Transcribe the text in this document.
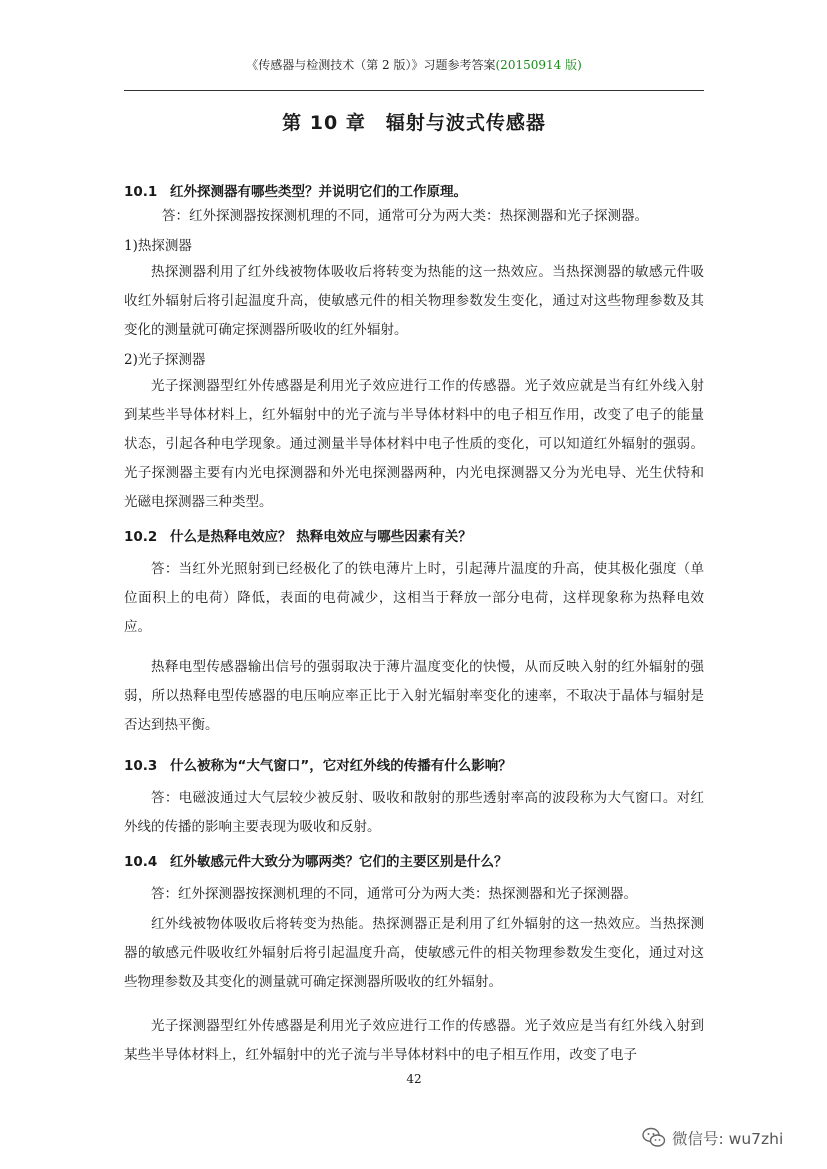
《传感器与检测技术（第 2 版）》习题参考答案(20150914 版)
第 10 章　辐射与波式传感器
10.1 红外探测器有哪些类型？并说明它们的工作原理。
答：红外探测器按探测机理的不同，通常可分为两大类：热探测器和光子探测器。
1)热探测器
热探测器利用了红外线被物体吸收后将转变为热能的这一热效应。当热探测器的敏感元件吸收红外辐射后将引起温度升高，使敏感元件的相关物理参数发生变化，通过对这些物理参数及其变化的测量就可确定探测器所吸收的红外辐射。
2)光子探测器
光子探测器型红外传感器是利用光子效应进行工作的传感器。光子效应就是当有红外线入射到某些半导体材料上，红外辐射中的光子流与半导体材料中的电子相互作用，改变了电子的能量状态，引起各种电学现象。通过测量半导体材料中电子性质的变化，可以知道红外辐射的强弱。光子探测器主要有内光电探测器和外光电探测器两种，内光电探测器又分为光电导、光生伏特和光磁电探测器三种类型。
10.2 什么是热释电效应？ 热释电效应与哪些因素有关？
答：当红外光照射到已经极化了的铁电薄片上时，引起薄片温度的升高，使其极化强度（单位面积上的电荷）降低，表面的电荷减少，这相当于释放一部分电荷，这样现象称为热释电效应。
热释电型传感器输出信号的强弱取决于薄片温度变化的快慢，从而反映入射的红外辐射的强弱，所以热释电型传感器的电压响应率正比于入射光辐射率变化的速率，不取决于晶体与辐射是否达到热平衡。
10.3 什么被称为“大气窗口”，它对红外线的传播有什么影响？
答：电磁波通过大气层较少被反射、吸收和散射的那些透射率高的波段称为大气窗口。对红外线的传播的影响主要表现为吸收和反射。
10.4 红外敏感元件大致分为哪两类？它们的主要区别是什么？
答：红外探测器按探测机理的不同，通常可分为两大类：热探测器和光子探测器。
红外线被物体吸收后将转变为热能。热探测器正是利用了红外辐射的这一热效应。当热探测器的敏感元件吸收红外辐射后将引起温度升高，使敏感元件的相关物理参数发生变化，通过对这些物理参数及其变化的测量就可确定探测器所吸收的红外辐射。
光子探测器型红外传感器是利用光子效应进行工作的传感器。光子效应是当有红外线入射到某些半导体材料上，红外辐射中的光子流与半导体材料中的电子相互作用，改变了电子
42
微信号: wu7zhi
